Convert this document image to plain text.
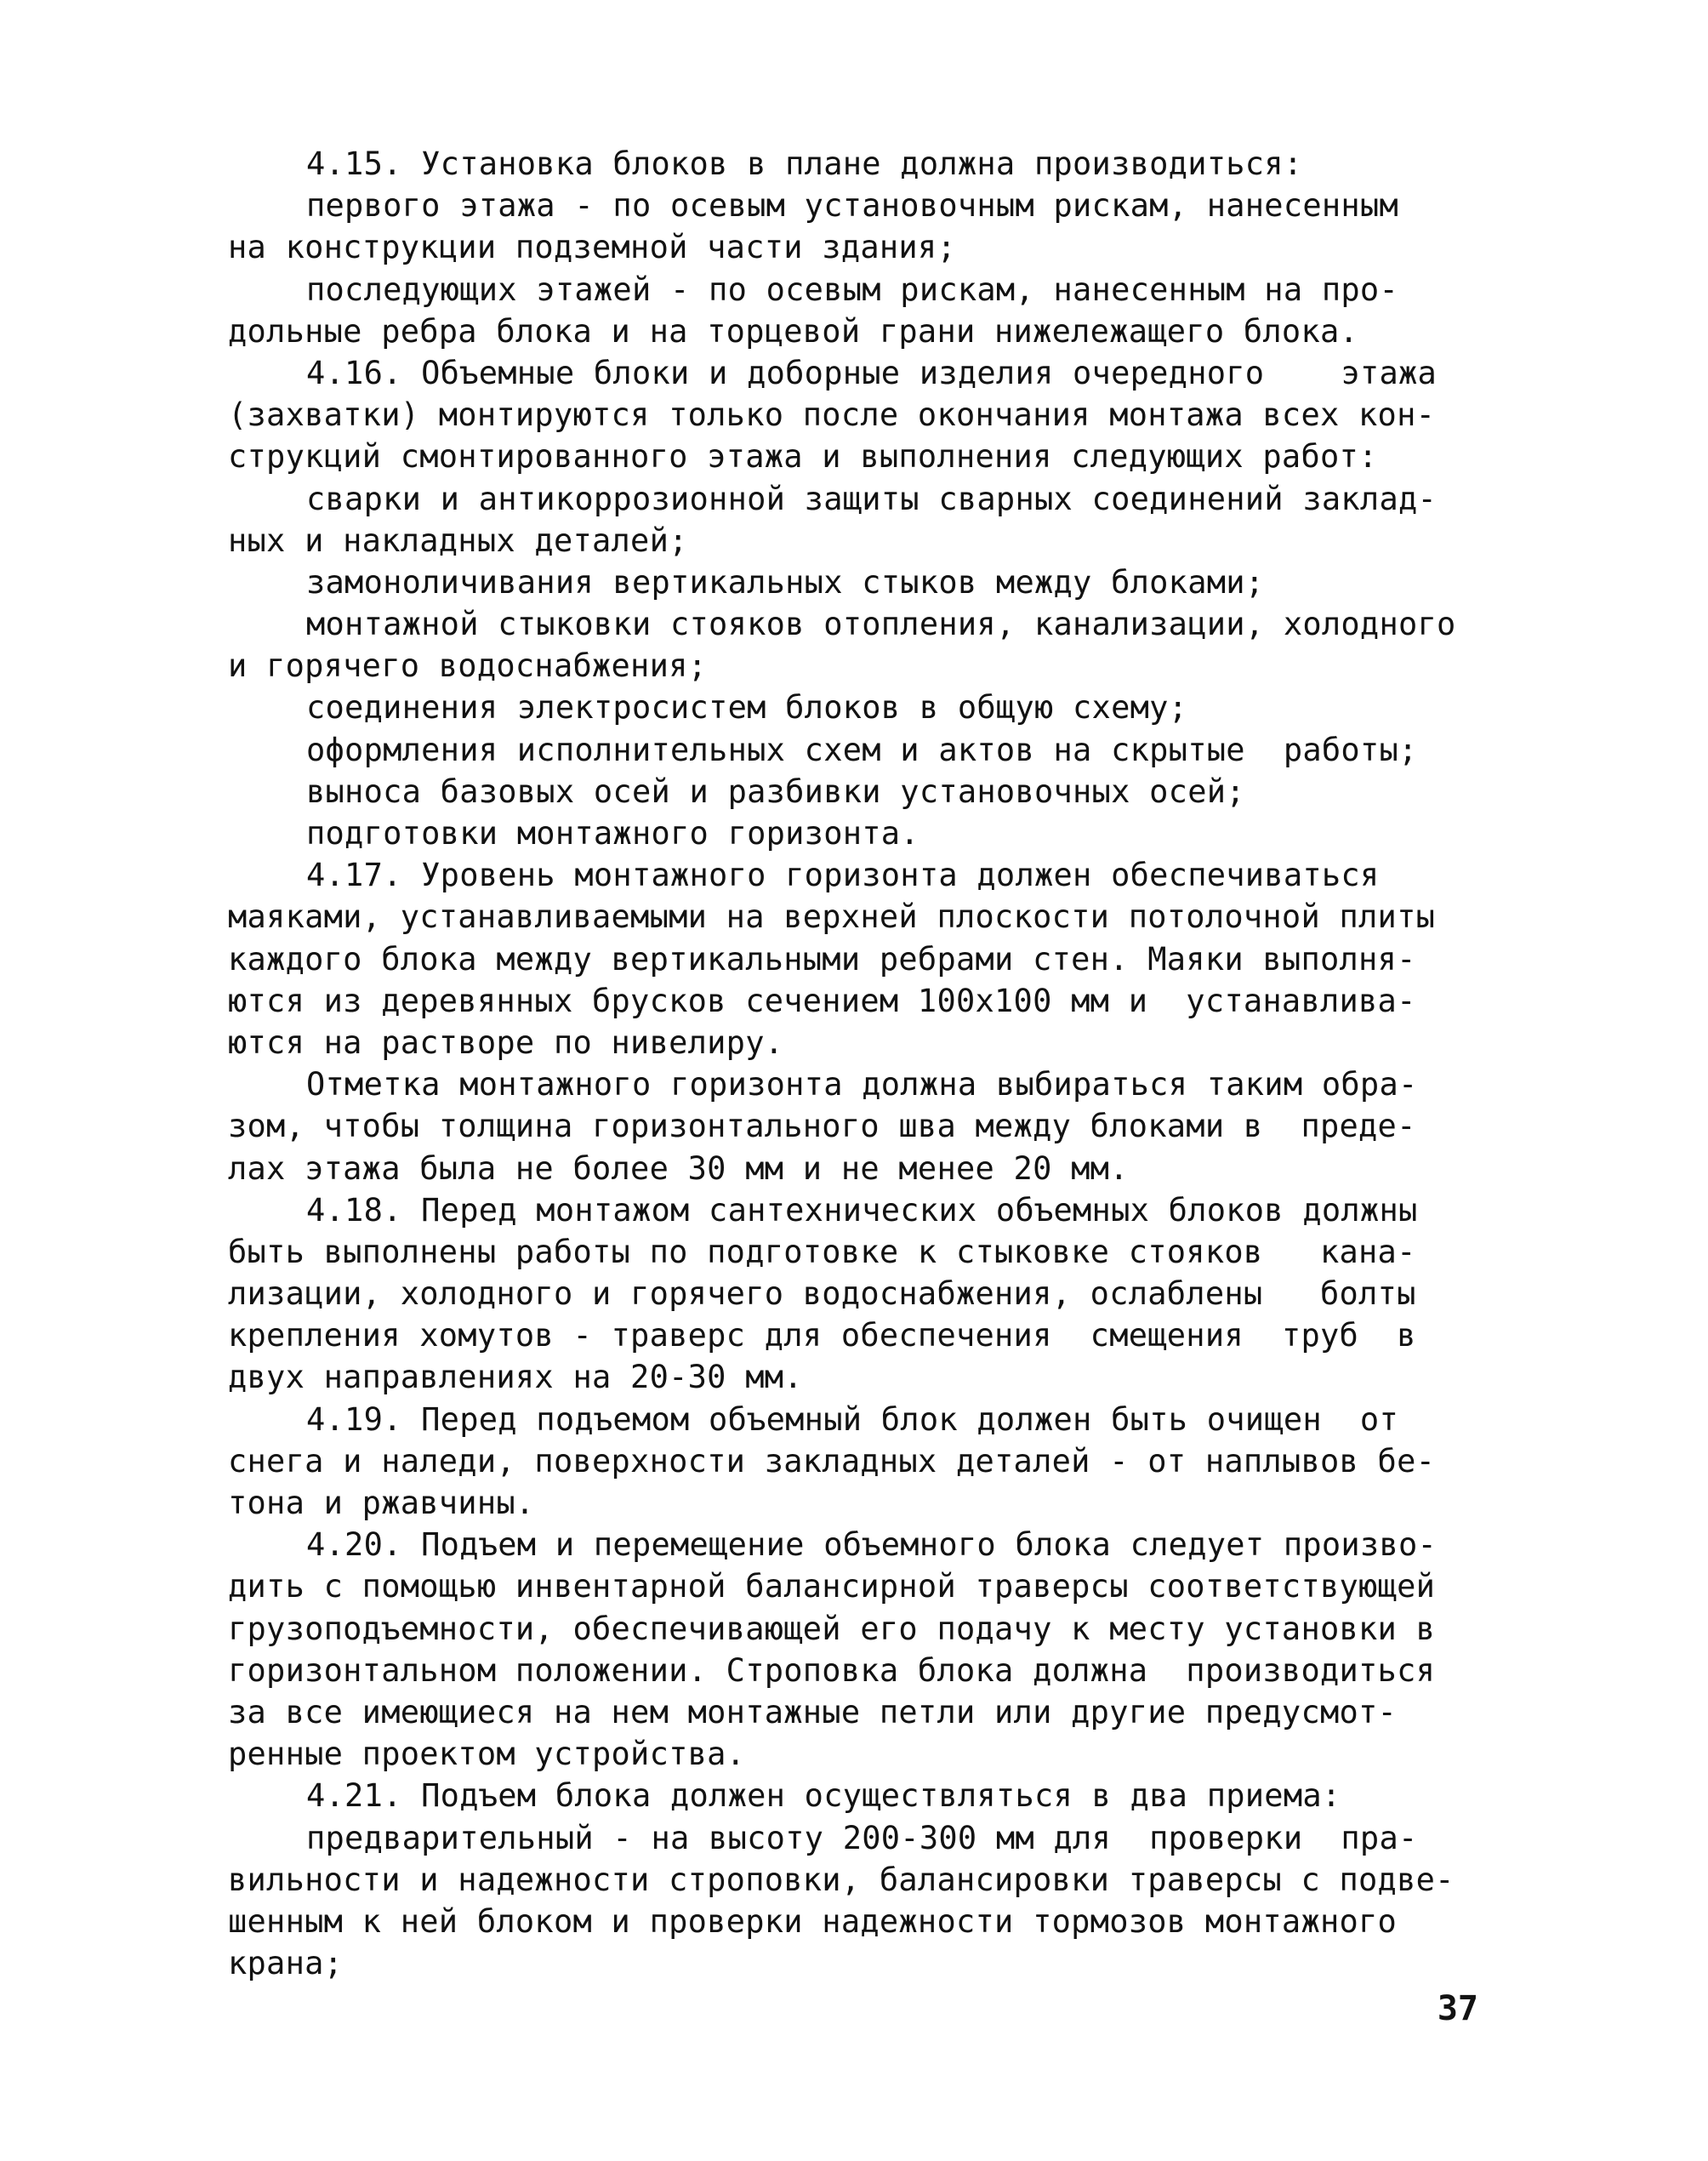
4.15. Установка блоков в плане должна производиться:
первого этажа - по осевым установочным рискам, нанесенным
на конструкции подземной части здания;
последующих этажей - по осевым рискам, нанесенным на про-
дольные ребра блока и на торцевой грани нижележащего блока.
4.16. Объемные блоки и доборные изделия очередного    этажа
(захватки) монтируются только после окончания монтажа всех кон-
струкций смонтированного этажа и выполнения следующих работ:
сварки и антикоррозионной защиты сварных соединений заклад-
ных и накладных деталей;
замоноличивания вертикальных стыков между блоками;
монтажной стыковки стояков отопления, канализации, холодного
и горячего водоснабжения;
соединения электросистем блоков в общую схему;
оформления исполнительных схем и актов на скрытые  работы;
выноса базовых осей и разбивки установочных осей;
подготовки монтажного горизонта.
4.17. Уровень монтажного горизонта должен обеспечиваться
маяками, устанавливаемыми на верхней плоскости потолочной плиты
каждого блока между вертикальными ребрами стен. Маяки выполня-
ются из деревянных брусков сечением 100х100 мм и  устанавлива-
ются на растворе по нивелиру.
Отметка монтажного горизонта должна выбираться таким обра-
зом, чтобы толщина горизонтального шва между блоками в  преде-
лах этажа была не более 30 мм и не менее 20 мм.
4.18. Перед монтажом сантехнических объемных блоков должны
быть выполнены работы по подготовке к стыковке стояков   кана-
лизации, холодного и горячего водоснабжения, ослаблены   болты
крепления хомутов - траверс для обеспечения  смещения  труб  в
двух направлениях на 20-30 мм.
4.19. Перед подъемом объемный блок должен быть очищен  от
снега и наледи, поверхности закладных деталей - от наплывов бе-
тона и ржавчины.
4.20. Подъем и перемещение объемного блока следует произво-
дить с помощью инвентарной балансирной траверсы соответствующей
грузоподъемности, обеспечивающей его подачу к месту установки в
горизонтальном положении. Строповка блока должна  производиться
за все имеющиеся на нем монтажные петли или другие предусмот-
ренные проектом устройства.
4.21. Подъем блока должен осуществляться в два приема:
предварительный - на высоту 200-300 мм для  проверки  пра-
вильности и надежности строповки, балансировки траверсы с подве-
шенным к ней блоком и проверки надежности тормозов монтажного
крана;
37
